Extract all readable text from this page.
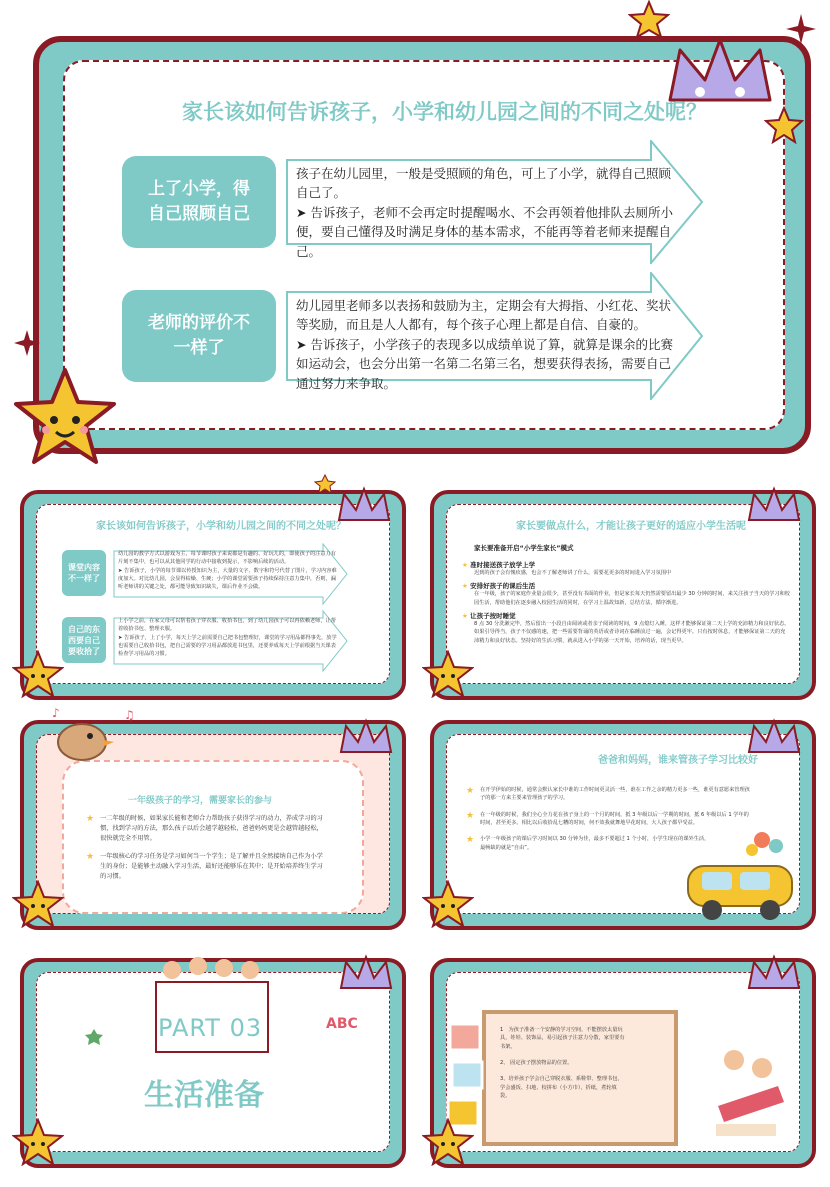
家长该如何告诉孩子，小学和幼儿园之间的不同之处呢？
上了小学，得自己照顾自己
孩子在幼儿园里，一般是受照顾的角色，可上了小学，就得自己照顾自己了。
➤ 告诉孩子，老师不会再定时提醒喝水、不会再领着他排队去厕所小便，要自己懂得及时满足身体的基本需求，不能再等着老师来提醒自己。
老师的评价不一样了
幼儿园里老师多以表扬和鼓励为主，定期会有大拇指、小红花、奖状等奖励，而且是人人都有，每个孩子心理上都是自信、自豪的。
➤ 告诉孩子，小学孩子的表现多以成绩单说了算，就算是课余的比赛如运动会，也会分出第一名第二名第三名，想要获得表扬，需要自己通过努力来争取。
家长该如何告诉孩子，小学和幼儿园之间的不同之处呢？
课堂内容不一样了
幼儿园的教学方式以游戏为主，每节课时孩子来说都是有趣的、好玩儿的，即使孩子的注意力有片刻不集中，也可以从其他同学的行动中接收到提示，不影响后续的活动。
➤ 告诉孩子，小学的每节课以传授知识为主，大量的文字、数字和符号代替了图片，学习内容难度加大。对比幼儿园，会显得枯燥、生硬；小学的课堂需要孩子持续保持注意力集中，否则，漏听老师讲的关键之处，都可能导致知识缺失，课后作业不会做。
自己的东西要自己要收拾了
上小学之前，在家父母可以帮着孩子穿衣服、收拾书包，到了幼儿园孩子可以再依赖老师，让帮着收拾书包、整理衣服。
➤ 告诉孩子，上了小学，每天上学之前需要自己把书包整理好，课堂的学习用品都得事先，放学也需要自己收拾书包，把自己需要的学习用品都放进书包里，还要养成每天上学前根据当天课表检查学习用品的习惯。
家长要做点什么，才能让孩子更好的适应小学生活呢
家长要准备开启“小学生家长”模式
★ 准时接送孩子放学上学
迟到的孩子会有愧疚感，也会不了解老师讲了什么，需要花更多的时间进入学习氛围中
★ 安排好孩子的课后生活
在一年级，孩子的家庭作业量会很少，甚至没有书面的作业，但是家长每天仍然需要留出最少 30 分钟的时间，来关注孩子当天的学习和校园生活，帮助他们在逐步融入校园生活的同时，在学习上温故知新，总结方法，循序渐进。
★ 让孩子按时睡觉
8 点 30 分洗漱完毕，然后留出一小段自由阅读或者亲子阅读的时间，9 点熄灯入睡，这样才能够保证第二天上学的充沛精力和良好状态。如果引导得当，孩子不仅感的速，把一些需要背诵的英语或者诗词在临睡前过一遍，会记得更牢。只有按时休息，才能够保证第二天的充沛精力和良好状态。坚持好的生活习惯，就从进入小学的第一天开始，培养的话，现当更早。
一年级孩子的学习，需要家长的参与
★ 一二年级的时候，如果家长能和老师合力帮助孩子获得学习的动力，养成学习的习惯，找到学习的方法，那么孩子以后会越学越轻松，爸爸妈妈更是会越管越轻松，很快就完全不用管。
★ 一年级核心的学习任务是学习如何当一个学生；是了解并且全然接纳自己作为小学生的身份；是能够主动融入学习生活，最好还能够乐在其中；是开始培养终生学习的习惯。
♪	♫
爸爸和妈妈，谁来管孩子学习比较好
★ 在开学伊始的时候，通常会默认家长中谁的工作时间更灵活一些，谁在工作之余的精力更多一些，谁更有意愿来管理孩子的那一方来主要来管理孩子的学习。
★ 在一年级的时候，我们全心全力花在孩子身上的一个月的时间，抵 3 年级以后一学期的时间，抵 6 年级以后 1 学年的时间，甚至更多。相比以后收拾乱七糟的时间，何不效我就舞地早花时间，大人孩子都早受益。
★ 小学一年级孩子的课后学习时间以 30 分钟为佳，最多不要超过 1 个小时，小学生现在的课外生活，最畅缺的就是“自由”。
PART 03
生活准备
ABC	1　为孩子准备一个安静的学习空间，不能摆放太量玩具，娃娃、装饰品，易引起孩子注意力分散，家里要有书架。
2、 固定孩子摆放物品的位置。
3、培养孩子学会自己穿脱衣服、系鞋带、整理书包，学会盛饭、扫地、校拼布（小方巾），折纸，煮轮填袋。
